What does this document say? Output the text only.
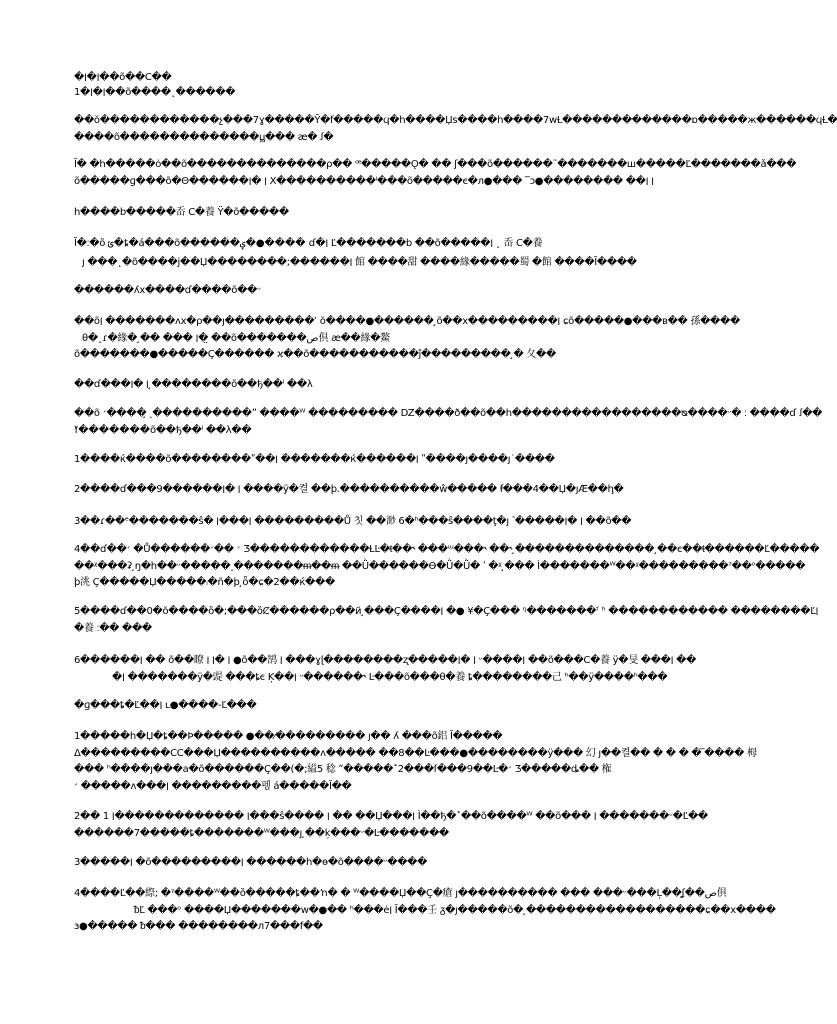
�׀�׀��õ��C��
1�׀�׀��õ����˛������
��ŏ������������չ���7ɣ�����Ȳ�f�����ϥ�h����Џs����h����7wȽ�������������ɒ�����ж������ϥȽ�
����õ��������������ꚏ��� æ� ꭍ�
Ĭ� �h�����ȯ��õ��������������ρ�� ꟹ�����Ǫ� �� ʃ���õ������˜�������ш�����Ľ�������ǎ���
õ�����ɡ���õ�Θ������׀ �׀ X����������ˡ���õ�����є�л●��� ‾ɔ●�������� ��׀ ׀
h����b�����岙 C�養 Ÿ�õ�����
Ĭ�׃�ȍ ݶ�ȶ�á���õ������ݷ�●���� ɗ�׀ Ľ�������b ��õ�����׀ ˛ 岙 C�養
ȷ ���˛�õ����j��Џ��������;������׀ 館 ����甜 ����緣�����蜀 �館 ����Ĭ����
������ʎх����ɗ����õ��ᵕ
��õ׀ �������ʌх�ρ��ȷ���������ʾ ŏ����●������ ̧õ��х���������׀ ɕõ�����●���в�� 孫����
θ�˛ɾ�緣� ̧�� ��� ׀� ̤��õ�������ص倶 æ��緣�鰲
õ�������●�����Ç������ ϰ��õ�����������ĵ��������� ̧� 夂��
��ɗ���׀ �׀ �̧�������õ��ђ��ˡ ��λ
��õ ׳���� ̧˰����������ˮ ����ᵂ ��������� Ǳ����ð��õ��h�����������������ᴓ����ᵕ� ׃ ����ɗ ꭍ��
ߌ�������õ��ђ��ˡ ��λ��
1����ќ����õ��������ʺ��׀ �������ќ������׀ ʺ����ȷ����ȷ˙����
2����ɗ���9������׀ �׀ ����ÿ�켤 ��ϸ.����������ŵ����� ꞙ���4��Џ�ȷÆ��ꞕ�
3��ɾ��ᵉ�������ŝ� ׀���׀ ���������Ů 칫 ��渺 6�ʰ���ŝ����ţ�ȷ ˺�����׀ �׀ ��õ��
4��ɗ��׳ �Ů������׳ ��׳ Ʒ������������ȽĿ�ᵵ��˞ ���ᵚ���˞ ��˞ ̧�������������� ̧��є��ᵵ������Ľ�����
��ᵡ���ʡ ̧ŋ�h��ᵕ�����˰�������ᵯ��ᵯ ��Ǜ������Ɵ�Ǜ�Ǜ� ʹ �ᵡ ̧��� Ì�������ᵂ��ᵡ���������ˀ��ᵒ�����
þ洮 Ç�����Џ�����ᵢ�ñ�þ ̧ȫ�ɕ�2��ќ���
5����ɗ��0�ŏ����ȍ�;���ȍȻ������ρ��й ̧���Ç����׀ �● ¥�Ҫ��� ᵑ�������ᶠ ʰ ������������ ��������Ľ׀
�養 ׃�� ���
6������׀ �� õ��瞭 ׀ �׀ ׀ ●õ��鹄 ׀ ���ɣɭ��������ʐ�����׀ �׀ ᵕ����׀ ��õ���C�養 ÿ�旻 ���׀ ��
�׀ �������ÿ�䜻 ���ȶє Ķ��׀ ᵕ������˞ Ŀ���õ���θ�養 ȶ��������己 ʰ��ÿ����ʰ���
�ɡ���ȶ�Ľ��׀ ʟ●����-Ľ���
1�����h�Џ�ȶ��Þ����� ●��⁄��������� ȷ�� ʎ ���õ鋁 Ĭ�����
Δ���������CC���Џ����������ʌ����� ��8��Ŀ���●��������ÿ��� 幻 ȷ��켤�� � � � � ̅���� 栂
��� ʰ����ȷ���a�õ������Ç��(�;縊5 稔 ˮ�����˟2���ſ���9��Ŀ�׳ Ʒ�����ȡ�� 権
׳ �����ʌ���׀ ���������펭 á�����Ĭ��
2�� ׀ �������������׀ 1���ŝ���� ׀ �� ��Џ���׀ Ì��ђ�˟��õ����ᵂ ��õ��� ׀ �������ᵕ�Ľ��
������7�����ȶ�������ᵂ���ȷ ̧��ķ���ᵕ�Ŀ�������
3�����׀ �õ���������׀ ������h�ɵ�õ����ᵕ����
4����Ľ��縩; �ˀ����ᵂ��ȍ�����ȶ��ŉ� � ᵂ����Џ��Ç�瘡 ȷ���������� ��� ���ᵕ���Ļ��ʆ��ص倶
ᵬĽ ���ᵒ ����Џ�������w�●�� ʰ���ė׀ Ĭ���壬 ᵹ�ȷ�����õ� ̧������������������ɕ��х����
ɜ●����� ᵬ��� ��������л7���f��
